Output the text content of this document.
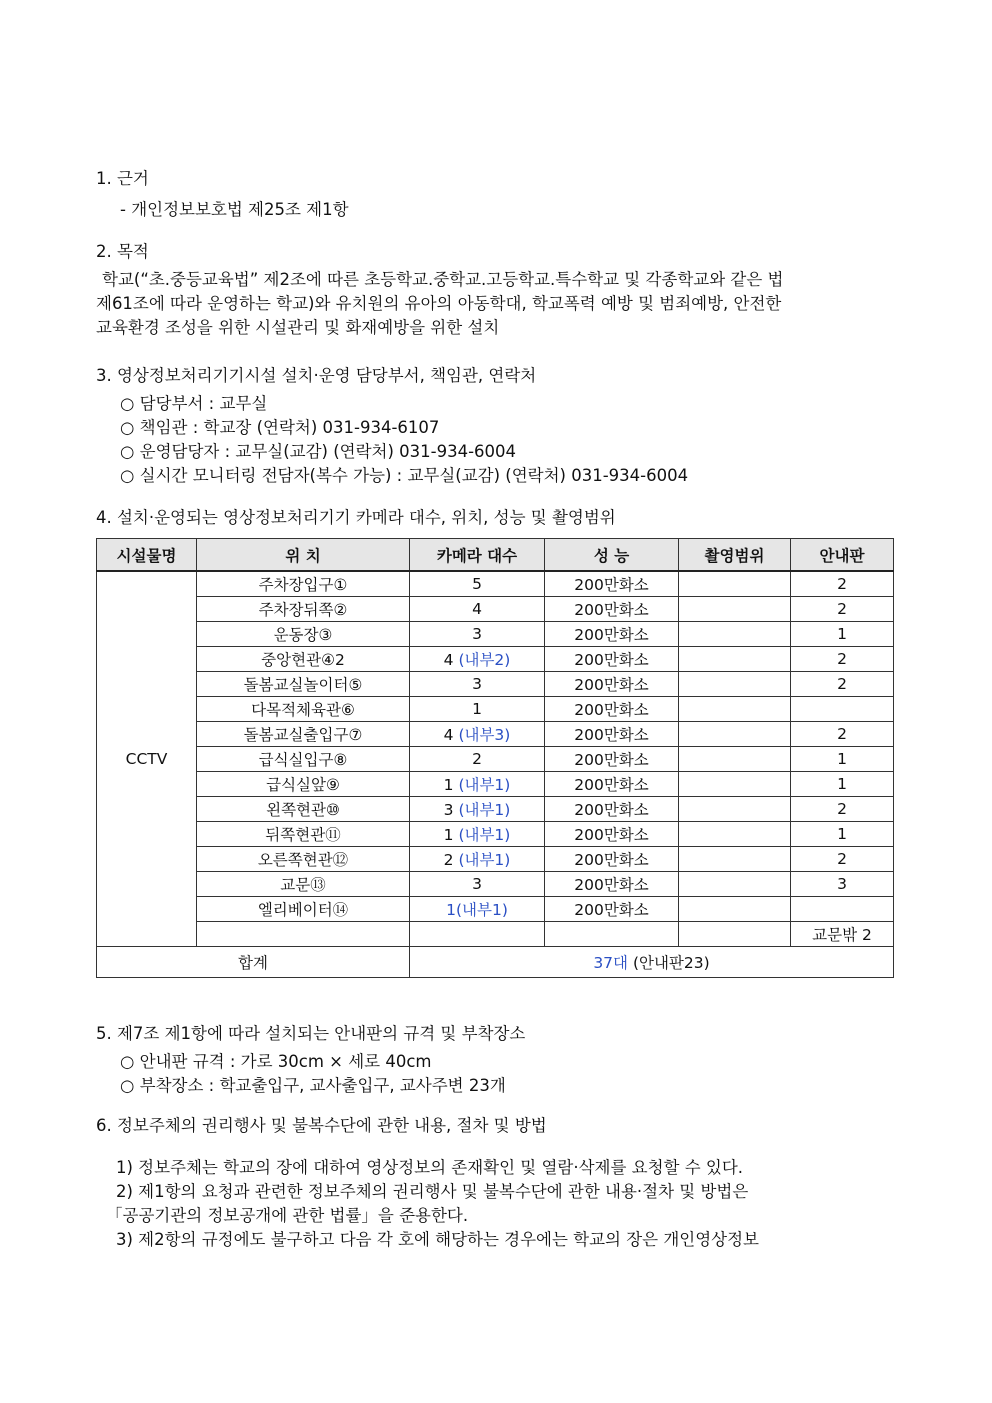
1. 근거
- 개인정보보호법 제25조 제1항
2. 목적
학교(“초.중등교육법” 제2조에 따른 초등학교.중학교.고등학교.특수학교 및 각종학교와 같은 법
제61조에 따라 운영하는 학교)와 유치원의 유아의 아동학대, 학교폭력 예방 및 범죄예방, 안전한
교육환경 조성을 위한 시설관리 및 화재예방을 위한 설치
3. 영상정보처리기기시설 설치·운영 담당부서, 책임관, 연락처
○ 담당부서 : 교무실
○ 책임관 : 학교장 (연락처) 031-934-6107
○ 운영담당자 : 교무실(교감) (연락처) 031-934-6004
○ 실시간 모니터링 전담자(복수 가능) : 교무실(교감) (연락처) 031-934-6004
4. 설치·운영되는 영상정보처리기기 카메라 대수, 위치, 성능 및 촬영범위
시설물명	위 치	카메라 대수	성 능	촬영범위	안내판
CCTV	주차장입구①	5	200만화소		2
	주차장뒤쪽②	4	200만화소		2
	운동장③	3	200만화소		1
	중앙현관④2	4 (내부2)	200만화소		2
	돌봄교실놀이터⑤	3	200만화소		2
	다목적체육관⑥	1	200만화소		
	돌봄교실출입구⑦	4 (내부3)	200만화소		2
	급식실입구⑧	2	200만화소		1
	급식실앞⑨	1 (내부1)	200만화소		1
	왼쪽현관⑩	3 (내부1)	200만화소		2
	뒤쪽현관⑪	1 (내부1)	200만화소		1
	오른쪽현관⑫	2 (내부1)	200만화소		2
	교문⑬	3	200만화소		3
	엘리베이터⑭	1(내부1)	200만화소		
					교문밖 2
합계		37대 (안내판23)			
5. 제7조 제1항에 따라 설치되는 안내판의 규격 및 부착장소
○ 안내판 규격 : 가로 30cm × 세로 40cm
○ 부착장소 : 학교출입구, 교사출입구, 교사주변 23개
6. 정보주체의 권리행사 및 불복수단에 관한 내용, 절차 및 방법
1) 정보주체는 학교의 장에 대하여 영상정보의 존재확인 및 열람·삭제를 요청할 수 있다.
2) 제1항의 요청과 관련한 정보주체의 권리행사 및 불복수단에 관한 내용·절차 및 방법은
「공공기관의 정보공개에 관한 법률」을 준용한다.
3) 제2항의 규정에도 불구하고 다음 각 호에 해당하는 경우에는 학교의 장은 개인영상정보
